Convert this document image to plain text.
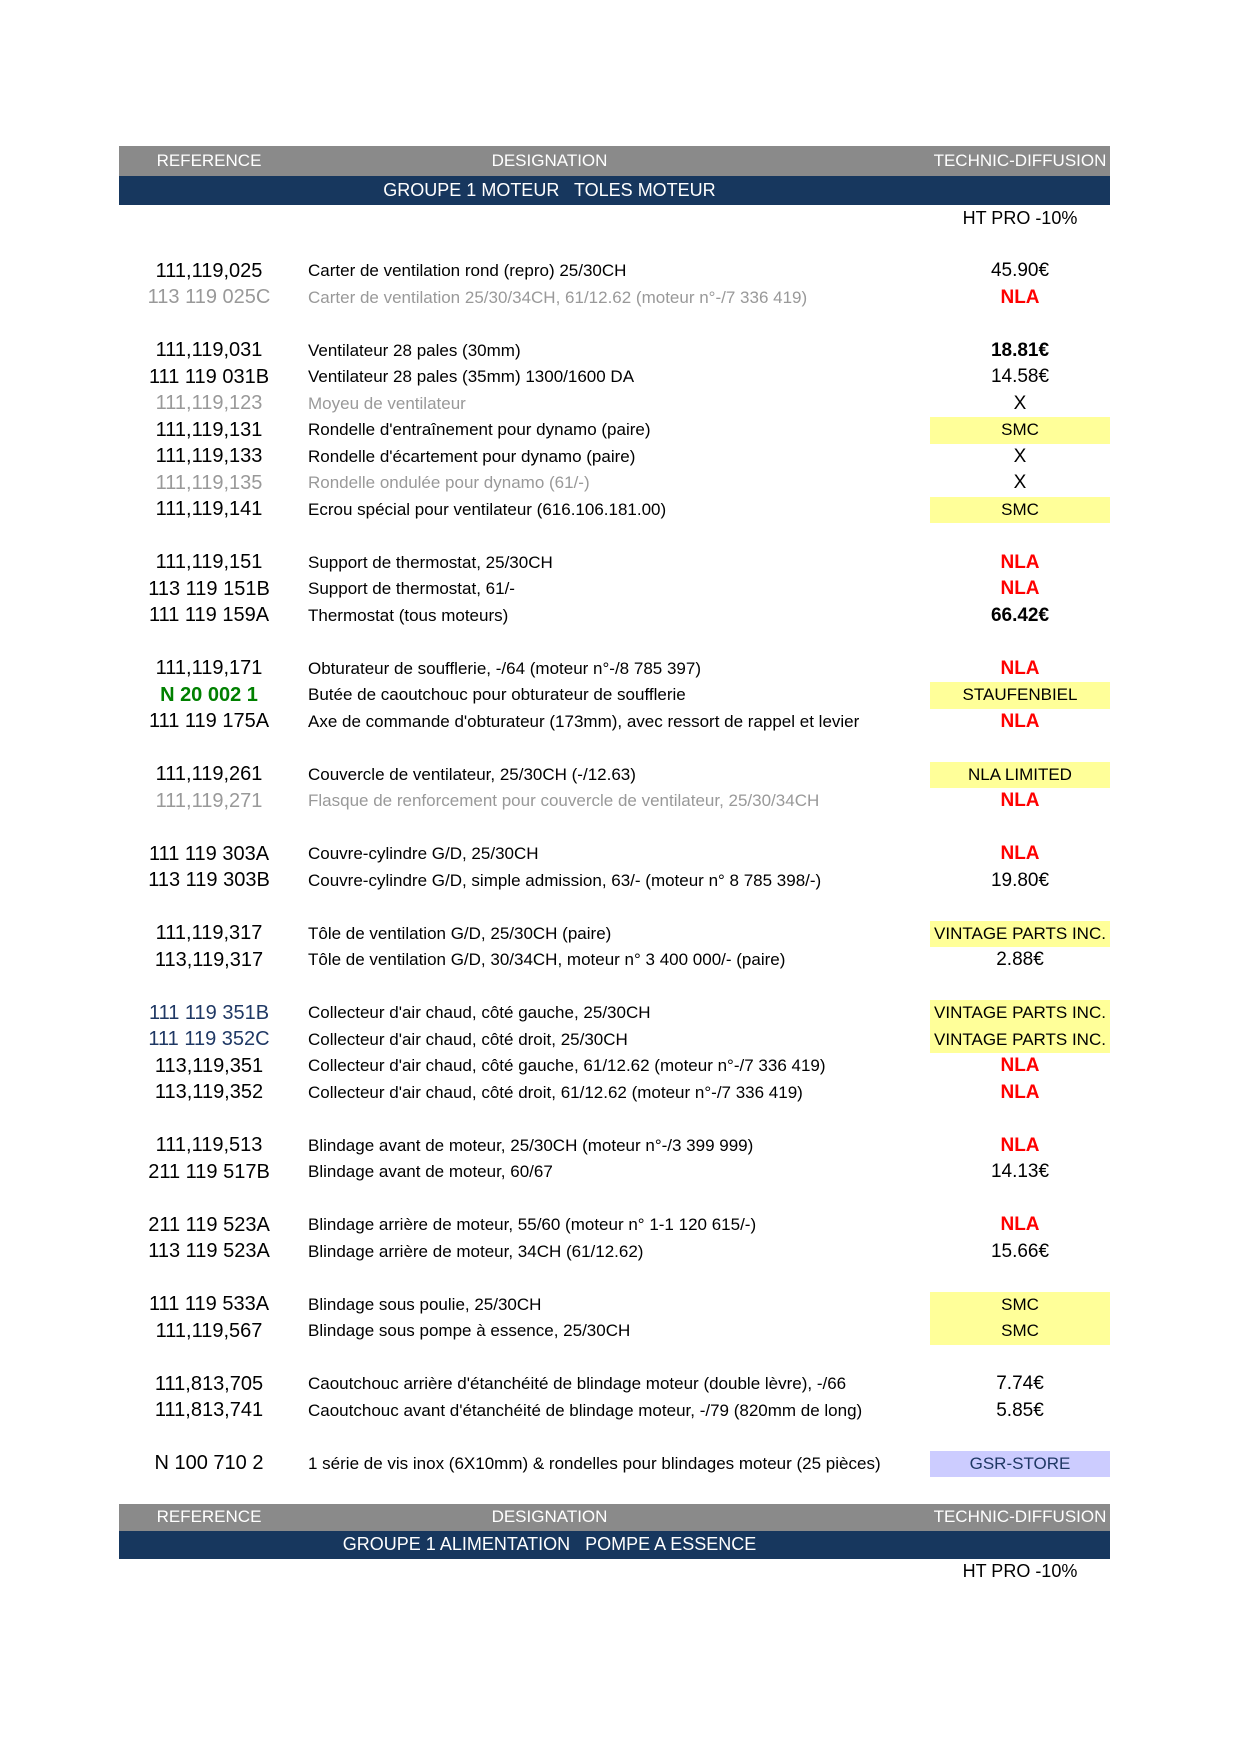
REFERENCE	DESIGNATION	TECHNIC-DIFFUSION
GROUPE 1 MOTEUR   TOLES MOTEUR
HT PRO -10%
111,119,025	Carter de ventilation rond (repro) 25/30CH	45.90€
113 119 025C	Carter de ventilation 25/30/34CH, 61/12.62 (moteur n°-/7 336 419)	NLA
111,119,031	Ventilateur 28 pales (30mm)	18.81€
111 119 031B	Ventilateur 28 pales (35mm) 1300/1600 DA	14.58€
111,119,123	Moyeu de ventilateur	X
111,119,131	Rondelle d'entraînement pour dynamo (paire)	SMC
111,119,133	Rondelle d'écartement pour dynamo (paire)	X
111,119,135	Rondelle ondulée pour dynamo (61/-)	X
111,119,141	Ecrou spécial pour ventilateur (616.106.181.00)	SMC
111,119,151	Support de thermostat, 25/30CH	NLA
113 119 151B	Support de thermostat, 61/-	NLA
111 119 159A	Thermostat (tous moteurs)	66.42€
111,119,171	Obturateur de soufflerie, -/64 (moteur n°-/8 785 397)	NLA
N 20 002 1	Butée de caoutchouc pour obturateur de soufflerie	STAUFENBIEL
111 119 175A	Axe de commande d'obturateur (173mm), avec ressort de rappel et levier	NLA
111,119,261	Couvercle de ventilateur, 25/30CH (-/12.63)	NLA LIMITED
111,119,271	Flasque de renforcement pour couvercle de ventilateur, 25/30/34CH	NLA
111 119 303A	Couvre-cylindre G/D, 25/30CH	NLA
113 119 303B	Couvre-cylindre G/D, simple admission, 63/- (moteur n° 8 785 398/-)	19.80€
111,119,317	Tôle de ventilation G/D, 25/30CH (paire)	VINTAGE PARTS INC.
113,119,317	Tôle de ventilation G/D, 30/34CH, moteur n° 3 400 000/- (paire)	2.88€
111 119 351B	Collecteur d'air chaud, côté gauche, 25/30CH	VINTAGE PARTS INC.
111 119 352C	Collecteur d'air chaud, côté droit, 25/30CH	VINTAGE PARTS INC.
113,119,351	Collecteur d'air chaud, côté gauche, 61/12.62 (moteur n°-/7 336 419)	NLA
113,119,352	Collecteur d'air chaud, côté droit, 61/12.62 (moteur n°-/7 336 419)	NLA
111,119,513	Blindage avant de moteur, 25/30CH (moteur n°-/3 399 999)	NLA
211 119 517B	Blindage avant de moteur, 60/67	14.13€
211 119 523A	Blindage arrière de moteur, 55/60 (moteur n° 1-1 120 615/-)	NLA
113 119 523A	Blindage arrière de moteur, 34CH (61/12.62)	15.66€
111 119 533A	Blindage sous poulie, 25/30CH	SMC
111,119,567	Blindage sous pompe à essence, 25/30CH	SMC
111,813,705	Caoutchouc arrière d'étanchéité de blindage moteur (double lèvre), -/66	7.74€
111,813,741	Caoutchouc avant d'étanchéité de blindage moteur, -/79 (820mm de long)	5.85€
N 100 710 2	1 série de vis inox (6X10mm) & rondelles pour blindages moteur (25 pièces)	GSR-STORE
REFERENCE	DESIGNATION	TECHNIC-DIFFUSION
GROUPE 1 ALIMENTATION   POMPE A ESSENCE
HT PRO -10%
